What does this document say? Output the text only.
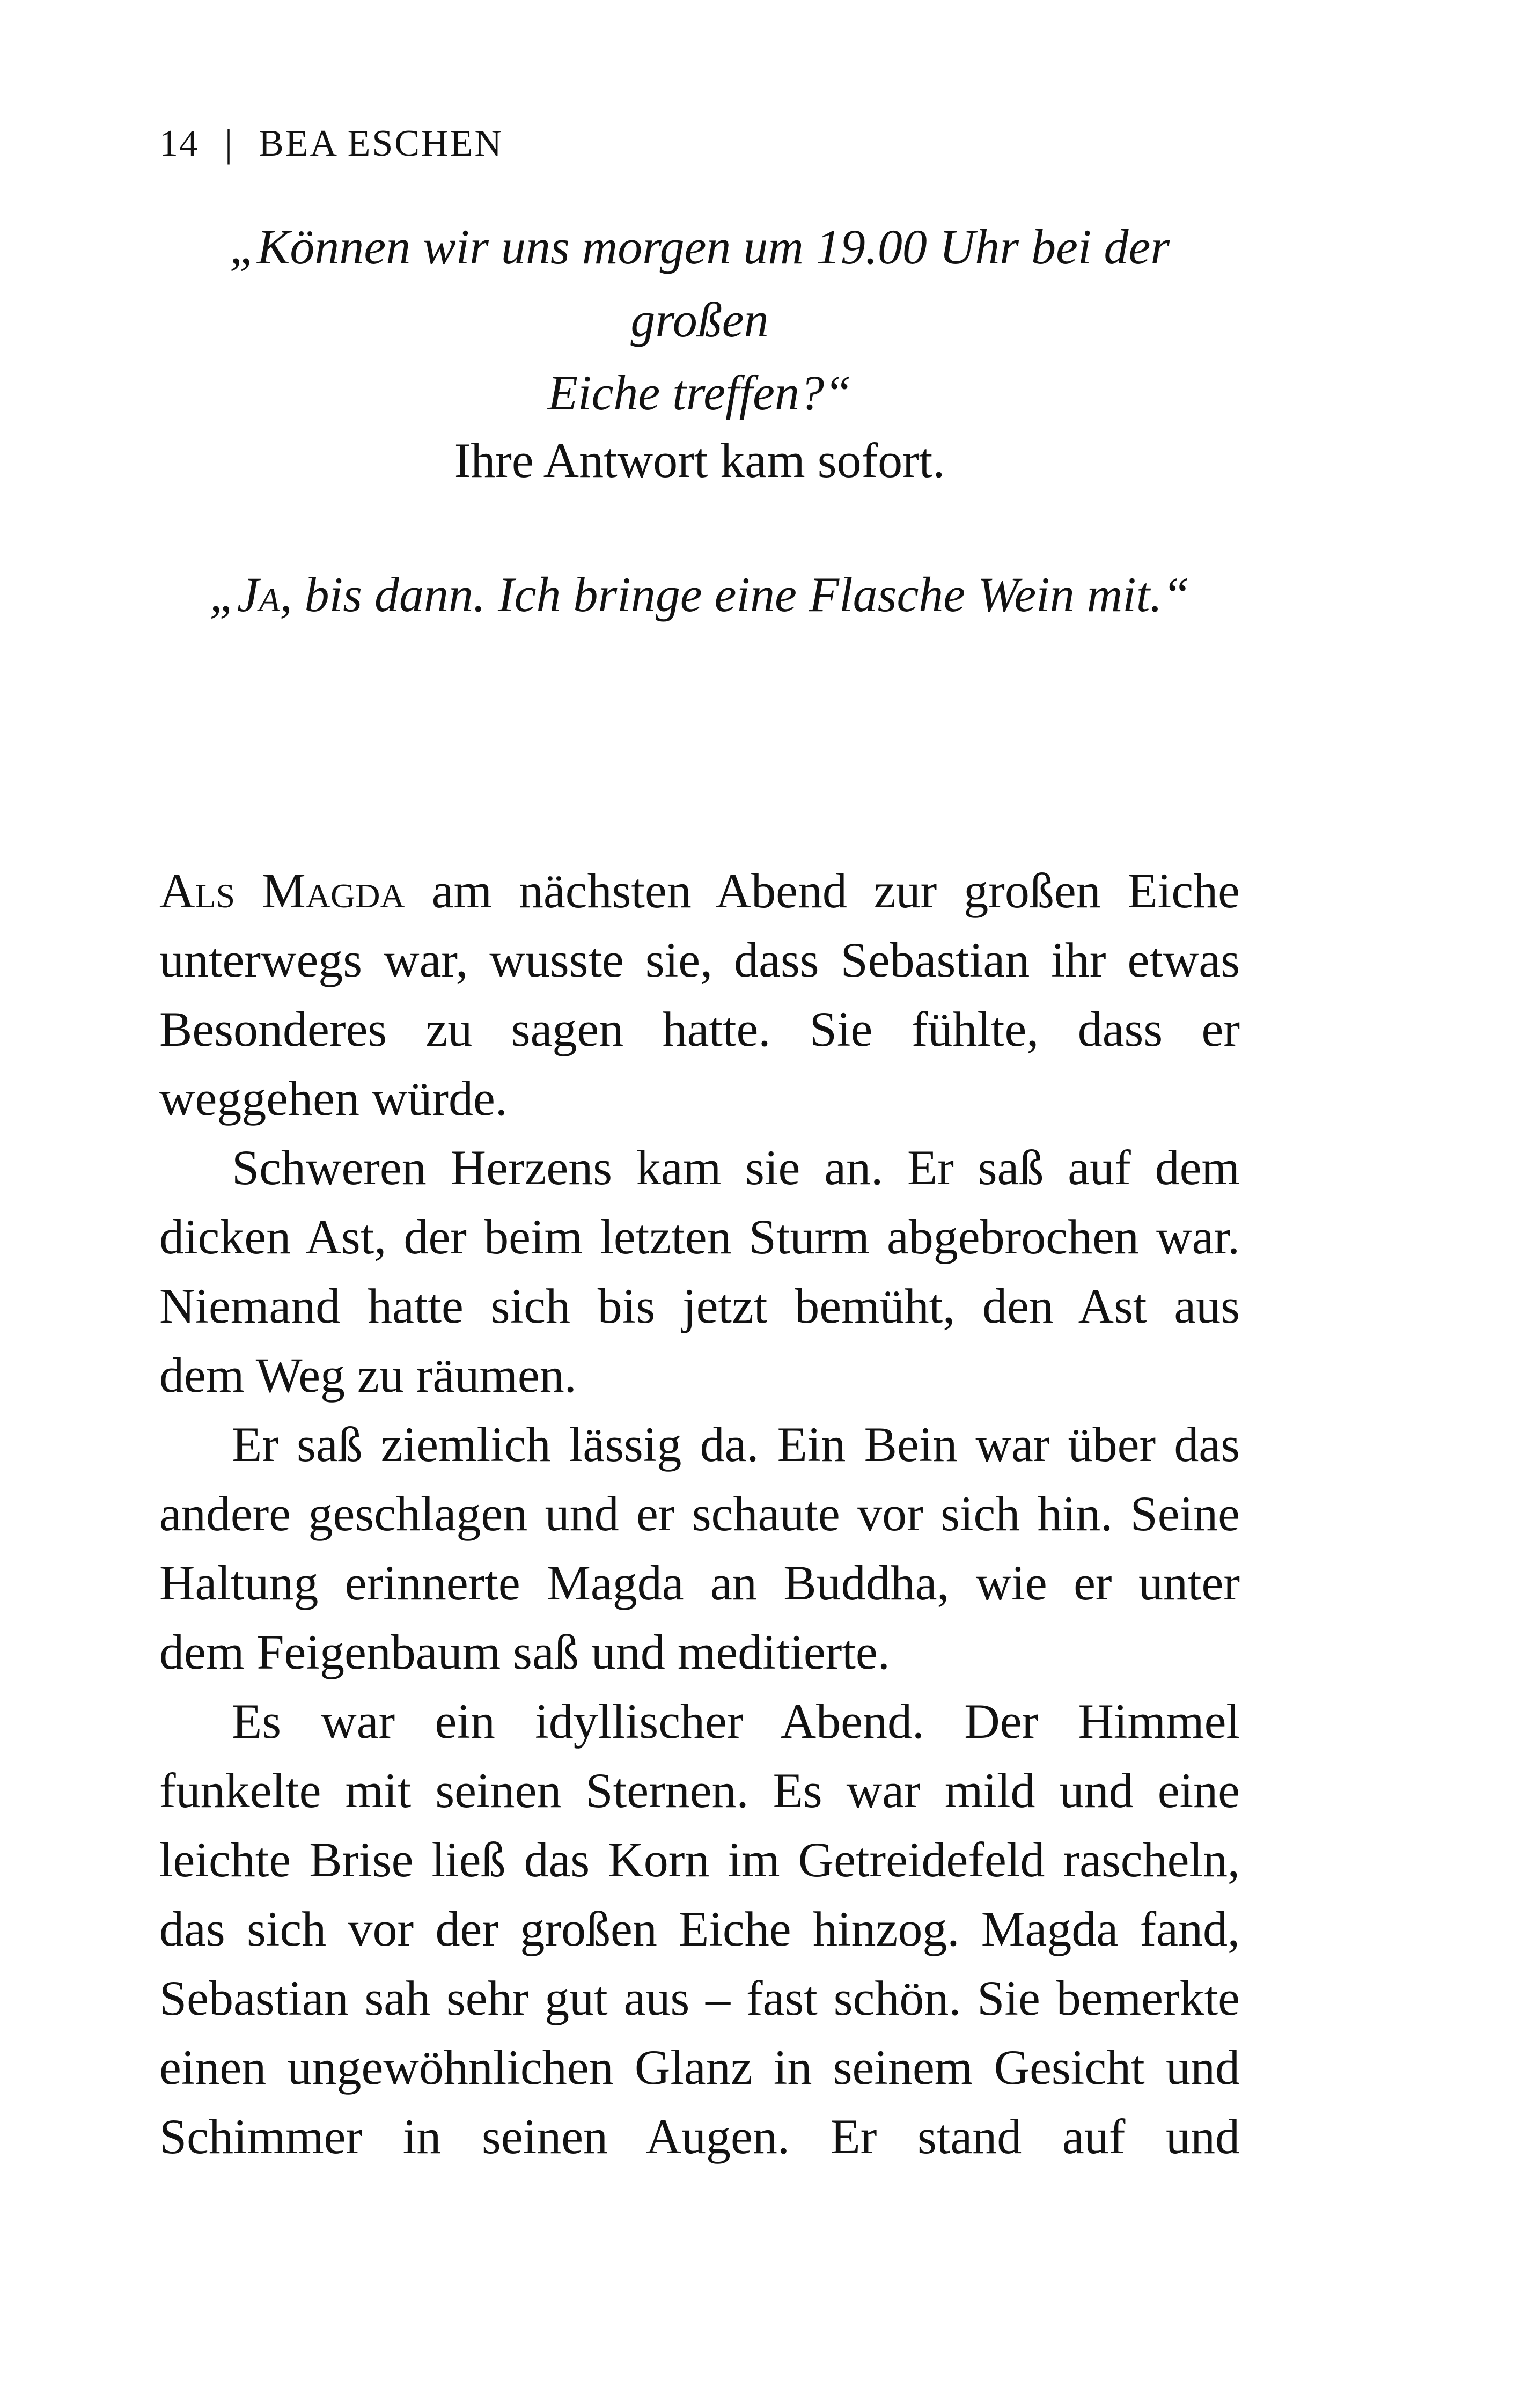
14 | BEA ESCHEN
„Können wir uns morgen um 19.00 Uhr bei der großen
Eiche treffen?“
Ihre Antwort kam sofort.
„Ja, bis dann. Ich bringe eine Flasche Wein mit.“
Als Magda am nächsten Abend zur großen Eiche
unterwegs war, wusste sie, dass Sebastian ihr etwas
Besonderes zu sagen hatte. Sie fühlte, dass er
weggehen würde.
Schweren Herzens kam sie an. Er saß auf dem
dicken Ast, der beim letzten Sturm abgebrochen war.
Niemand hatte sich bis jetzt bemüht, den Ast aus
dem Weg zu räumen.
Er saß ziemlich lässig da. Ein Bein war über das
andere geschlagen und er schaute vor sich hin. Seine
Haltung erinnerte Magda an Buddha, wie er unter
dem Feigenbaum saß und meditierte.
Es war ein idyllischer Abend. Der Himmel
funkelte mit seinen Sternen. Es war mild und eine
leichte Brise ließ das Korn im Getreidefeld rascheln,
das sich vor der großen Eiche hinzog. Magda fand,
Sebastian sah sehr gut aus – fast schön. Sie bemerkte
einen ungewöhnlichen Glanz in seinem Gesicht und
Schimmer in seinen Augen. Er stand auf und
